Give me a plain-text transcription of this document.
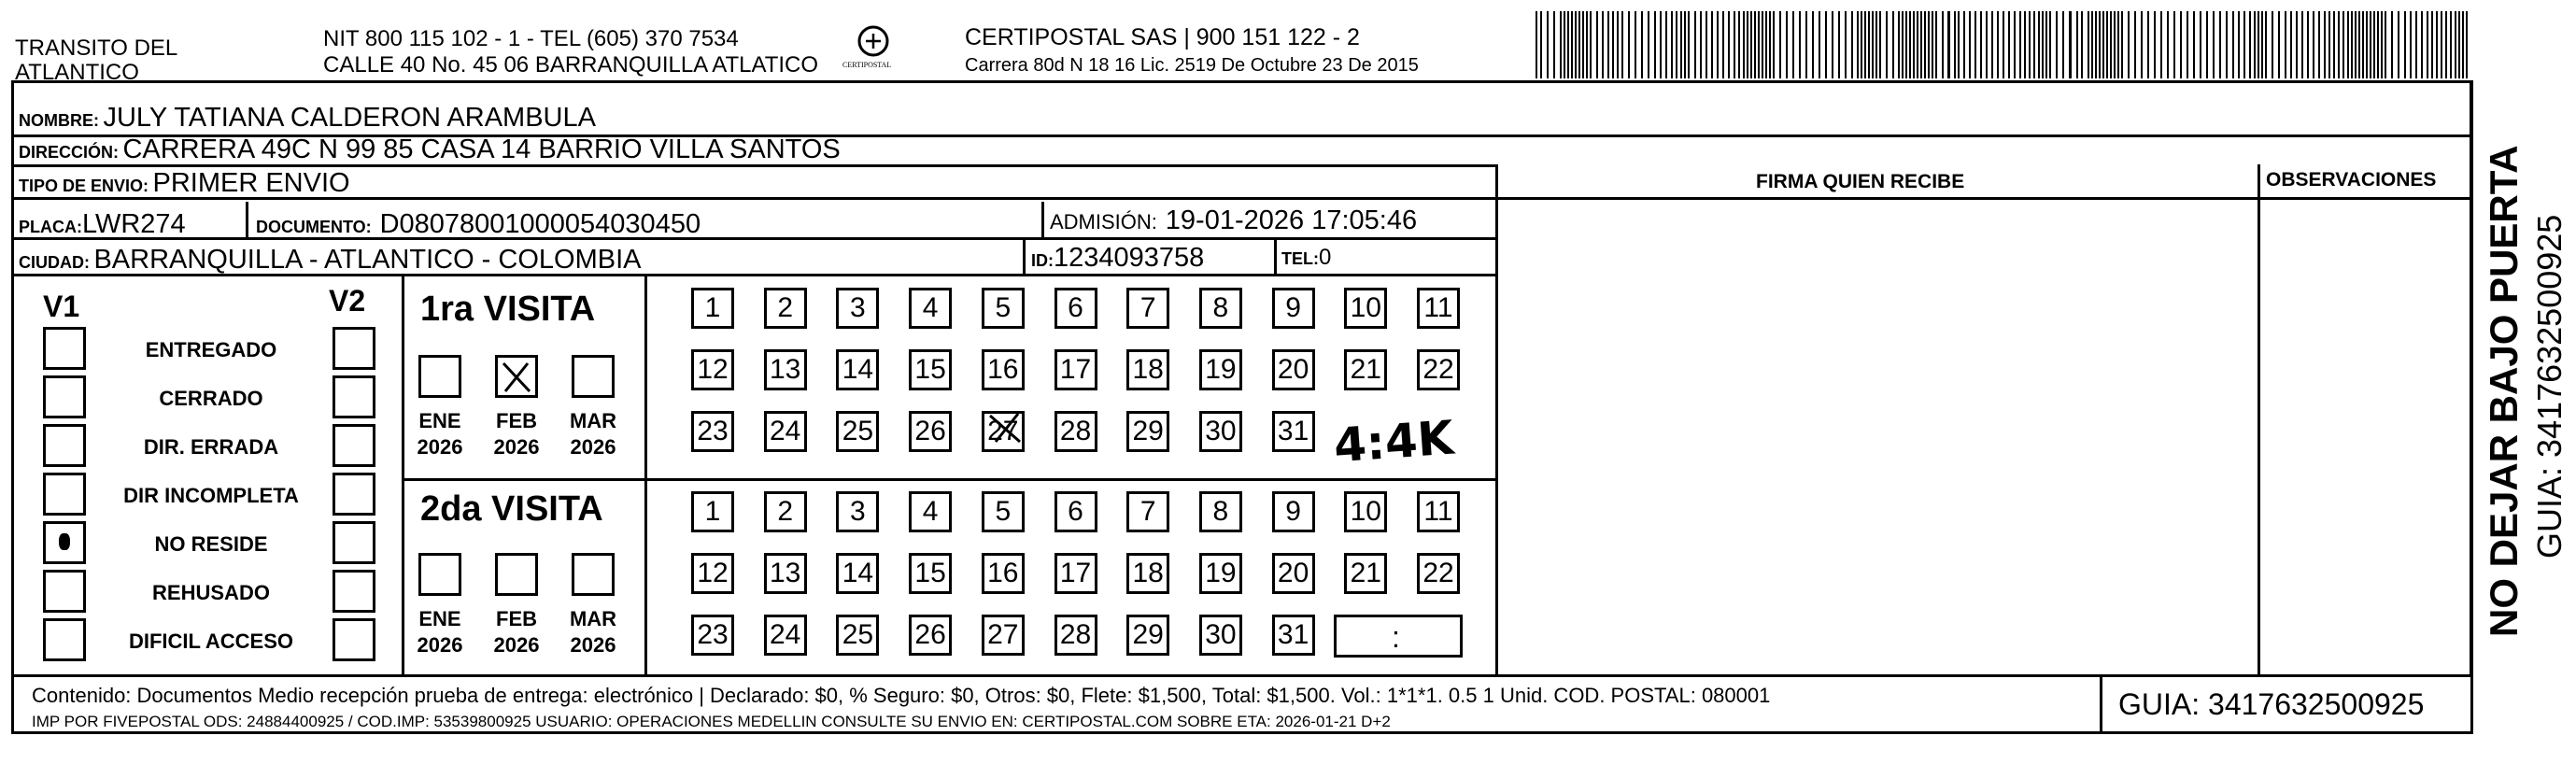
TRANSITO DEL
ATLANTICO
NIT 800 115 102 - 1 - TEL (605) 370 7534
CALLE 40 No. 45 06 BARRANQUILLA ATLATICO	CERTIPOSTAL
CERTIPOSTAL SAS | 900 151 122 - 2
Carrera 80d N 18 16 Lic. 2519 De Octubre 23 De 2015
NOMBRE: JULY TATIANA CALDERON ARAMBULA
DIRECCIÓN: CARRERA 49C N 99 85 CASA 14 BARRIO VILLA SANTOS
TIPO DE ENVIO: PRIMER ENVIO	FIRMA QUIEN RECIBE	OBSERVACIONES
PLACA:LWR274	DOCUMENTO: D080780010000540304​50	ADMISIÓN: 19-01-2026 17:05:46
CIUDAD: BARRANQUILLA - ATLANTICO - COLOMBIA	ID:1234093758	TEL:0
V1	V2
ENTREGADO
CERRADO
DIR. ERRADA
DIR INCOMPLETA
NO RESIDE
REHUSADO
DIFICIL ACCESO
1ra VISITA
2da VISITA
ENE
2026
FEB
2026
MAR
2026
ENE
2026
FEB
2026
MAR
2026
1	2	3	4	5	6	7	8	9	10 11
12 13 14 15 16 17 18 19 20 21 22
23 24 25 26 27 28 29 30 31
1	2	3	4	5	6	7	8	9	10 11
12 13 14 15 16 17 18 19 20 21 22
23 24 25 26 27 28 29 30 31	:
4:4K
Contenido: Documentos Medio recepción prueba de entrega: electrónico | Declarado: $0, % Seguro: $0, Otros: $0, Flete: $1,500, Total: $1,500. Vol.: 1*1*1. 0.5 1 Unid. COD. POSTAL: 080001
IMP POR FIVEPOSTAL ODS: 24884400925 / COD.IMP: 53539800925 USUARIO: OPERACIONES MEDELLIN CONSULTE SU ENVIO EN: CERTIPOSTAL.COM SOBRE ETA: 2026-01-21 D+2
GUIA: 3417632500925
NO DEJAR BAJO PUERTA GUIA: 3417632500925
